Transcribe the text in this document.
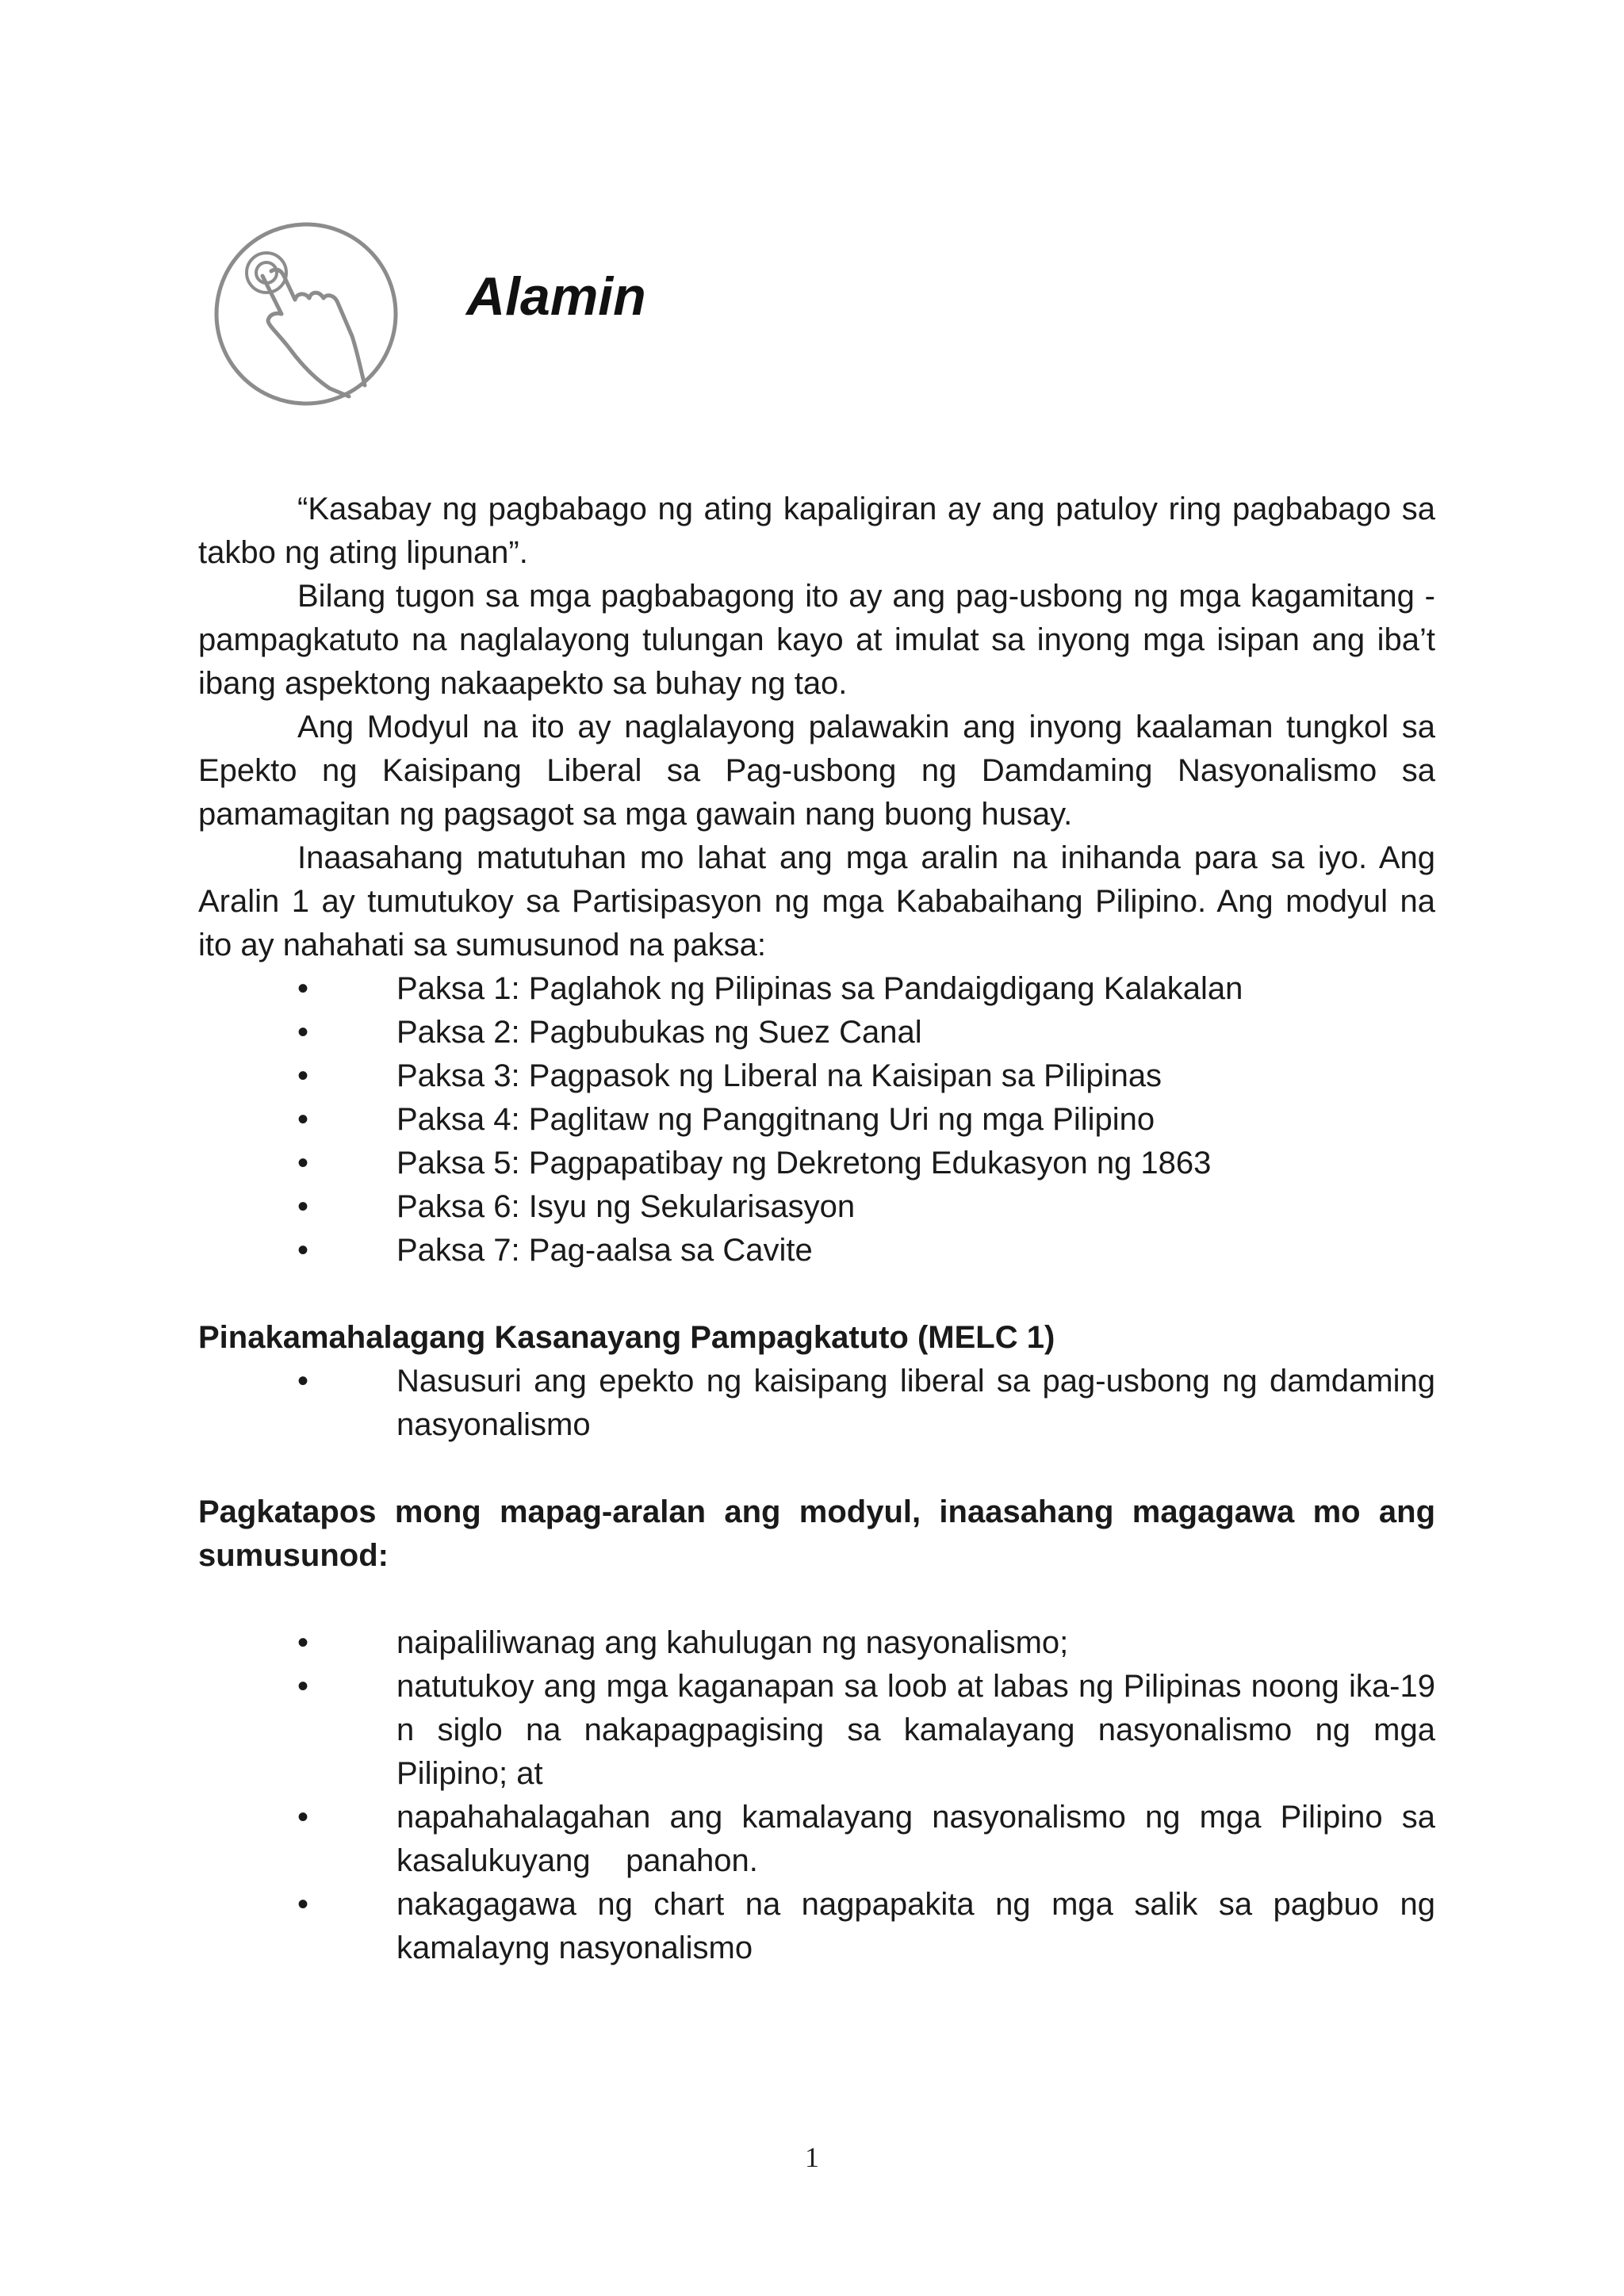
Alamin

“Kasabay ng pagbabago ng ating kapaligiran ay ang patuloy ring pagbabago sa takbo ng ating lipunan”.

Bilang tugon sa mga pagbabagong ito ay ang pag-usbong ng mga kagamitang - pampagkatuto na naglalayong tulungan kayo at imulat sa inyong mga isipan ang iba’t ibang aspektong nakaapekto sa buhay ng tao.

Ang Modyul na ito ay naglalayong palawakin ang inyong kaalaman tungkol sa Epekto ng Kaisipang Liberal sa Pag-usbong ng Damdaming Nasyonalismo sa pamamagitan ng pagsagot sa mga gawain nang buong husay.

Inaasahang matutuhan mo lahat ang mga aralin na inihanda para sa iyo. Ang Aralin 1 ay tumutukoy sa Partisipasyon ng mga Kababaihang Pilipino. Ang modyul na ito ay nahahati sa sumusunod na paksa:

•	Paksa 1: Paglahok ng Pilipinas sa Pandaigdigang Kalakalan
•	Paksa 2: Pagbubukas ng Suez Canal
•	Paksa 3: Pagpasok ng Liberal na Kaisipan sa Pilipinas
•	Paksa 4: Paglitaw ng Panggitnang Uri ng mga Pilipino
•	Paksa 5: Pagpapatibay ng Dekretong Edukasyon ng 1863
•	Paksa 6: Isyu ng Sekularisasyon
•	Paksa 7: Pag-aalsa sa Cavite

Pinakamahalagang Kasanayang Pampagkatuto (MELC 1)

•	Nasusuri ang epekto ng kaisipang liberal sa pag-usbong ng damdaming nasyonalismo

Pagkatapos mong mapag-aralan ang modyul, inaasahang magagawa mo ang sumusunod:

•	naipaliliwanag ang kahulugan ng nasyonalismo;
•	natutukoy ang mga kaganapan sa loob at labas ng Pilipinas noong ika-19 n siglo na nakapagpagising sa kamalayang nasyonalismo ng mga Pilipino; at
•	napahahalagahan ang kamalayang nasyonalismo ng mga Pilipino sa kasalukuyang    panahon.
•	nakagagawa ng chart na nagpapakita ng mga salik sa pagbuo ng kamalayng nasyonalismo
1
